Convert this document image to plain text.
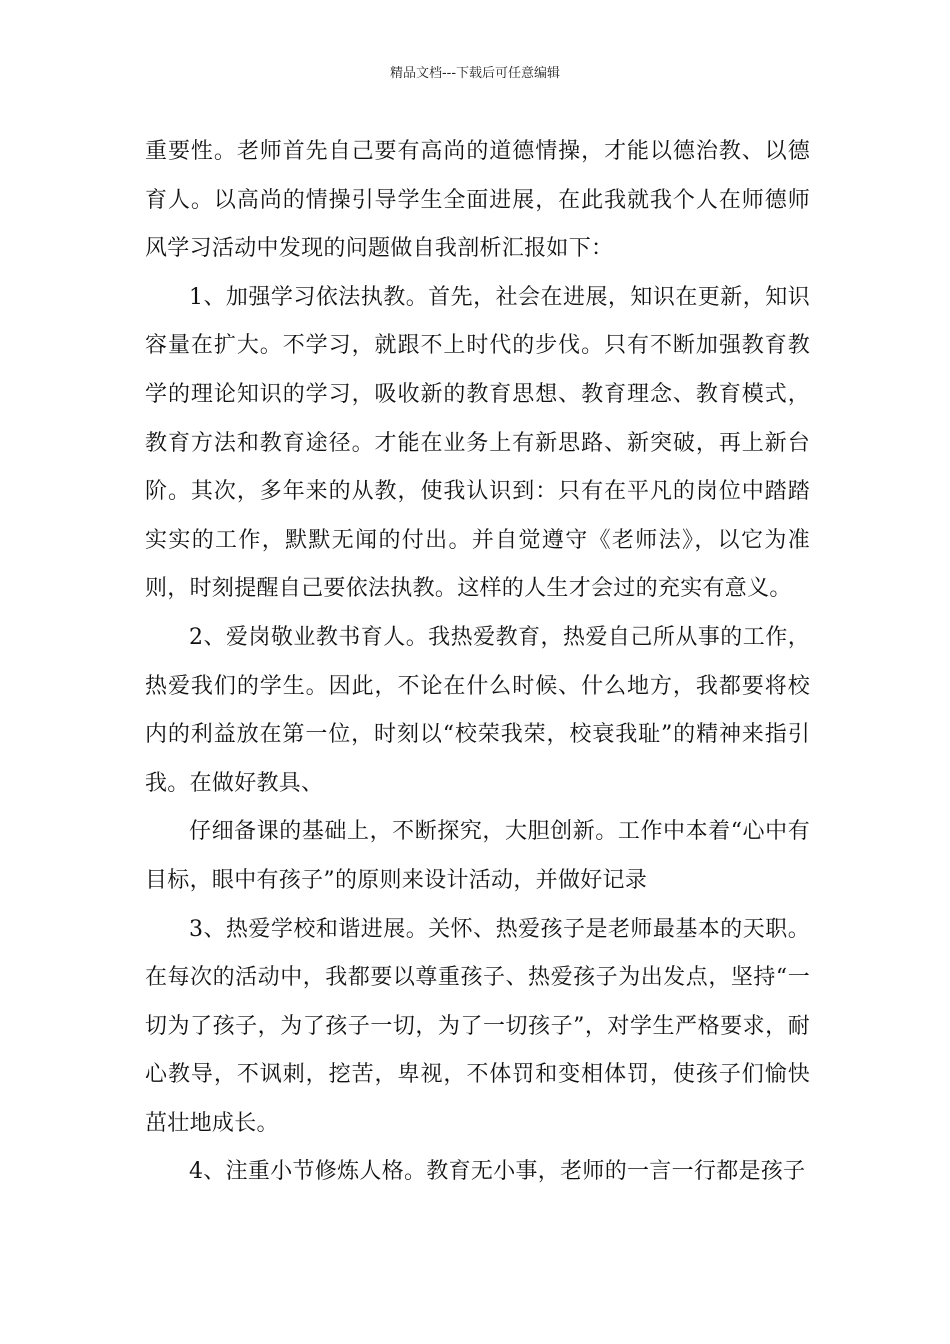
精品文档---下载后可任意编辑

重要性。老师首先自己要有高尚的道德情操，才能以德治教、以德育人。以高尚的情操引导学生全面进展，在此我就我个人在师德师风学习活动中发现的问题做自我剖析汇报如下：

1、加强学习依法执教。首先，社会在进展，知识在更新，知识容量在扩大。不学习，就跟不上时代的步伐。只有不断加强教育教学的理论知识的学习，吸收新的教育思想、教育理念、教育模式，教育方法和教育途径。才能在业务上有新思路、新突破，再上新台阶。其次，多年来的从教，使我认识到：只有在平凡的岗位中踏踏实实的工作，默默无闻的付出。并自觉遵守《老师法》，以它为准则，时刻提醒自己要依法执教。这样的人生才会过的充实有意义。

2、爱岗敬业教书育人。我热爱教育，热爱自己所从事的工作，热爱我们的学生。因此，不论在什么时候、什么地方，我都要将校内的利益放在第一位，时刻以“校荣我荣，校衰我耻”的精神来指引我。在做好教具、

仔细备课的基础上，不断探究，大胆创新。工作中本着“心中有目标，眼中有孩子”的原则来设计活动，并做好记录

3、热爱学校和谐进展。关怀、热爱孩子是老师最基本的天职。在每次的活动中，我都要以尊重孩子、热爱孩子为出发点，坚持“一切为了孩子，为了孩子一切，为了一切孩子”，对学生严格要求，耐心教导，不讽刺，挖苦，卑视，不体罚和变相体罚，使孩子们愉快茁壮地成长。

4、注重小节修炼人格。教育无小事，老师的一言一行都是孩子
